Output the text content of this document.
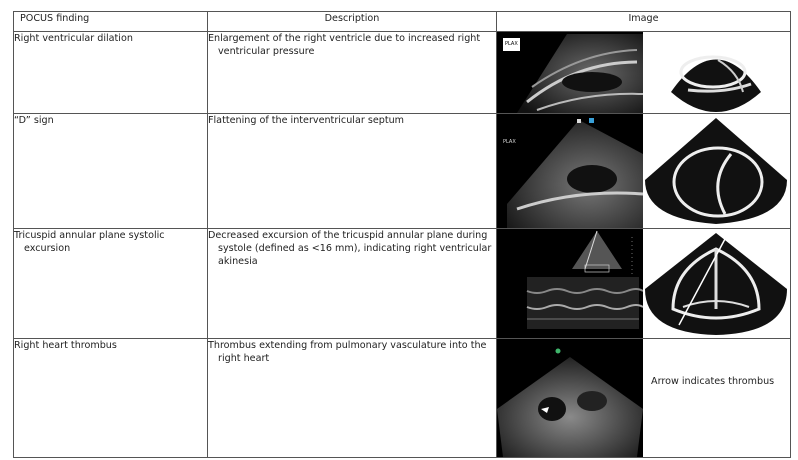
POCUS finding	Description	Image

Right ventricular dilation	Enlargement of the right ventricle due to increased right ventricular pressure	PLAX

“D” sign	Flattening of the interventricular septum	PLAX

Tricuspid annular plane systolic excursion	Decreased excursion of the tricuspid annular plane during systole (defined as <16 mm), indicating right ventricular akinesia

Right heart thrombus	Thrombus extending from pulmonary vasculature into the right heart	Arrow indicates thrombus
